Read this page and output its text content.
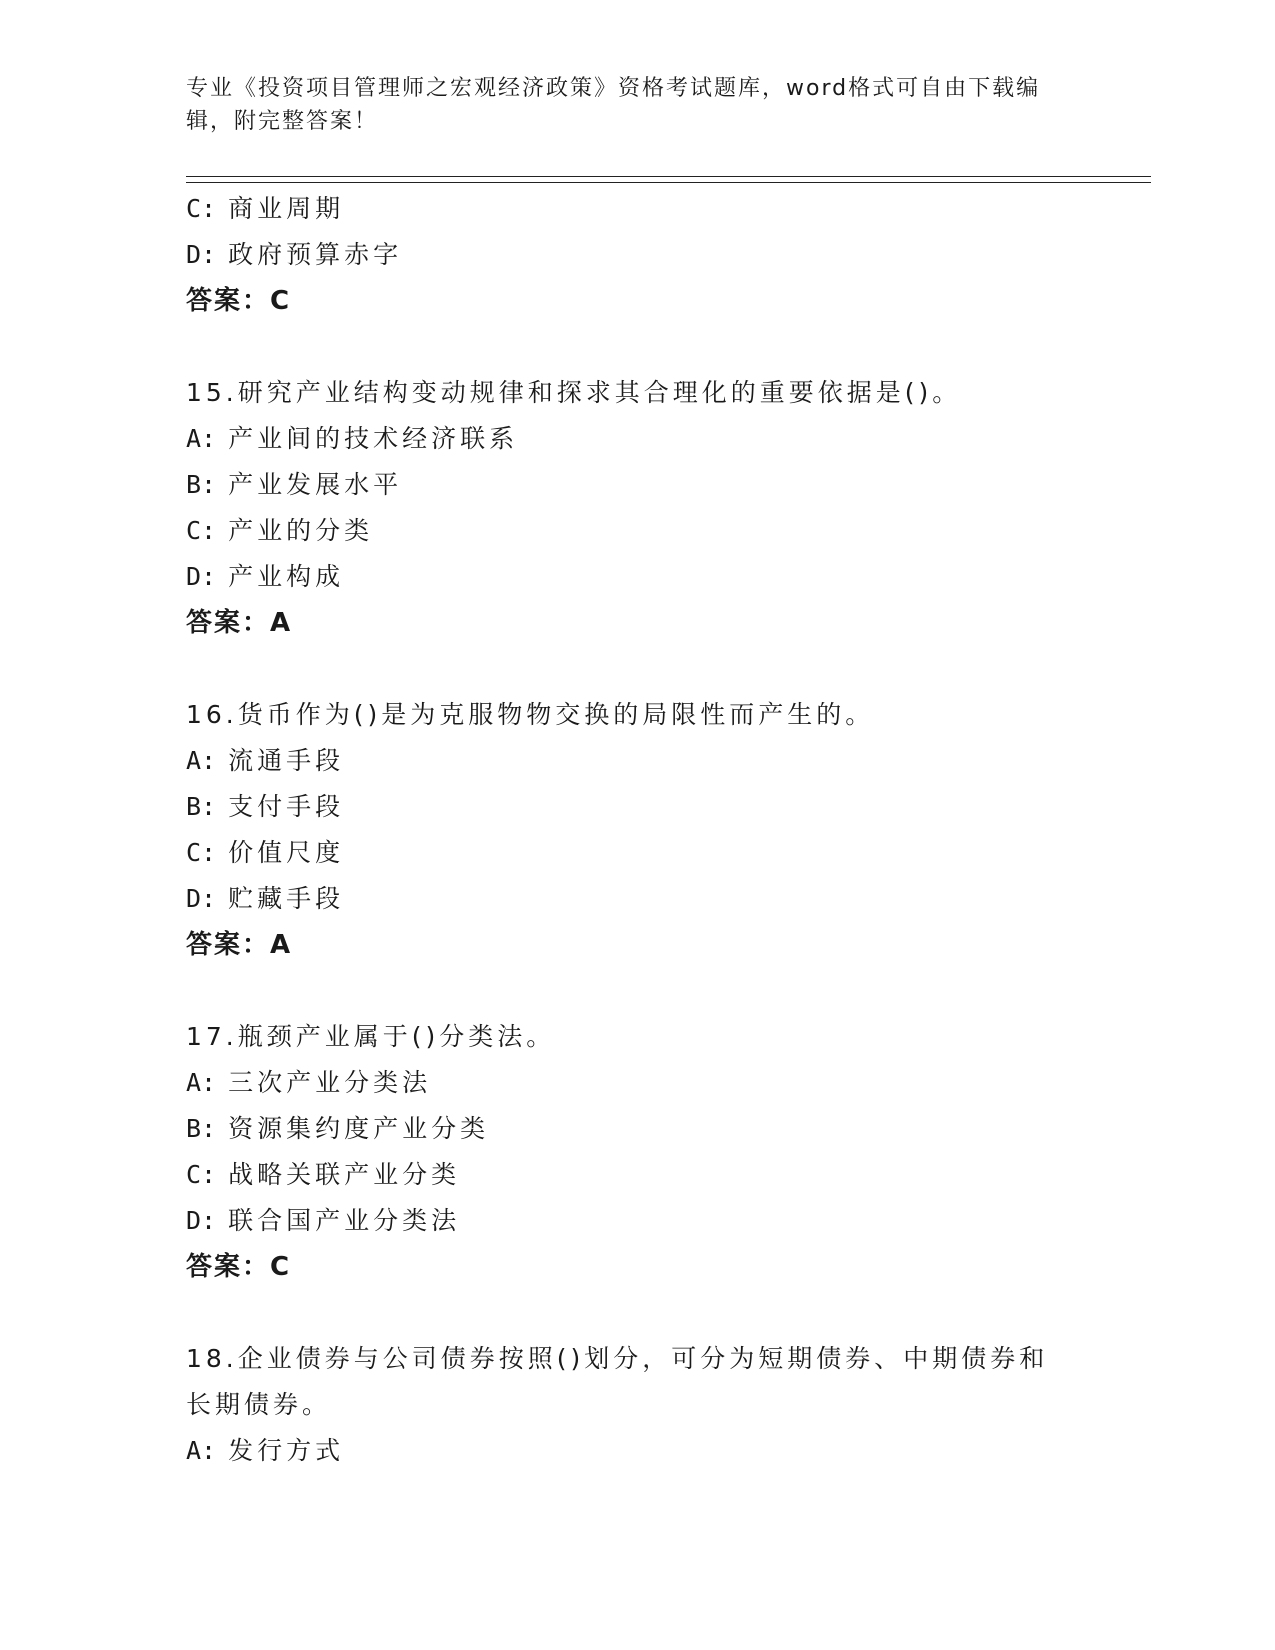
专业《投资项目管理师之宏观经济政策》资格考试题库，word格式可自由下载编辑，附完整答案！
C: 商业周期
D: 政府预算赤字
答案：C
15.研究产业结构变动规律和探求其合理化的重要依据是()。
A: 产业间的技术经济联系
B: 产业发展水平
C: 产业的分类
D: 产业构成
答案：A
16.货币作为()是为克服物物交换的局限性而产生的。
A: 流通手段
B: 支付手段
C: 价值尺度
D: 贮藏手段
答案：A
17.瓶颈产业属于()分类法。
A: 三次产业分类法
B: 资源集约度产业分类
C: 战略关联产业分类
D: 联合国产业分类法
答案：C
18.企业债券与公司债券按照()划分，可分为短期债券、中期债券和长期债券。
A: 发行方式
